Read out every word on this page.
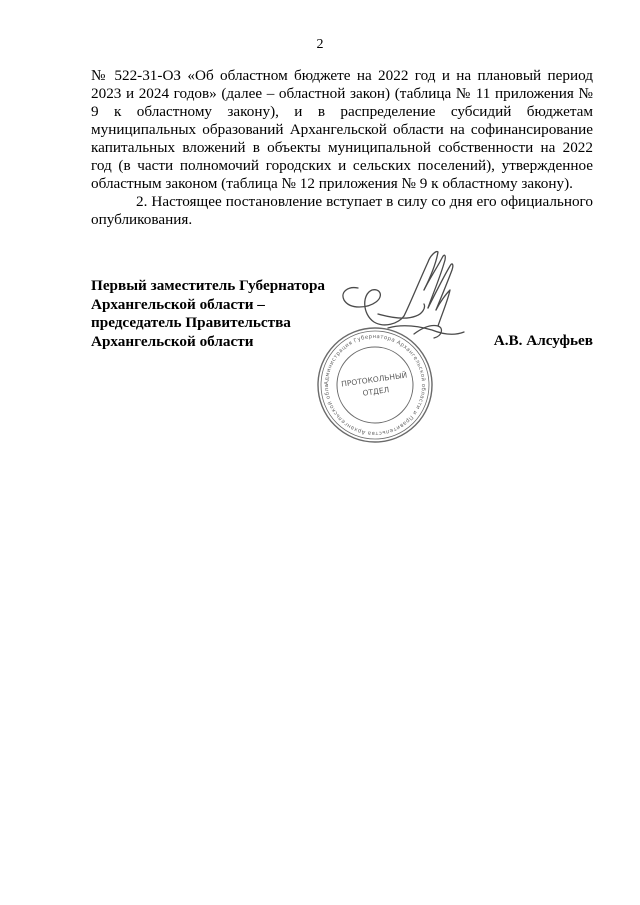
2

№ 522-31-ОЗ «Об областном бюджете на 2022 год и на плановый период 2023 и 2024 годов» (далее – областной закон) (таблица № 11 приложения № 9 к областному закону), и в распределение субсидий бюджетам муниципальных образований Архангельской области на софинансирование капитальных вложений в объекты муниципальной собственности на 2022 год (в части полномочий городских и сельских поселений), утвержденное областным законом (таблица № 12 приложения № 9 к областному закону).

2. Настоящее постановление вступает в силу со дня его официального опубликования.

Первый заместитель Губернатора
Архангельской области –
председатель Правительства
Архангельской области	А.В. Алсуфьев
Администрация Губернатора Архангельской области и Правительства Архангельской обла	ПРОТОКОЛЬНЫЙ
ОТДЕЛ
